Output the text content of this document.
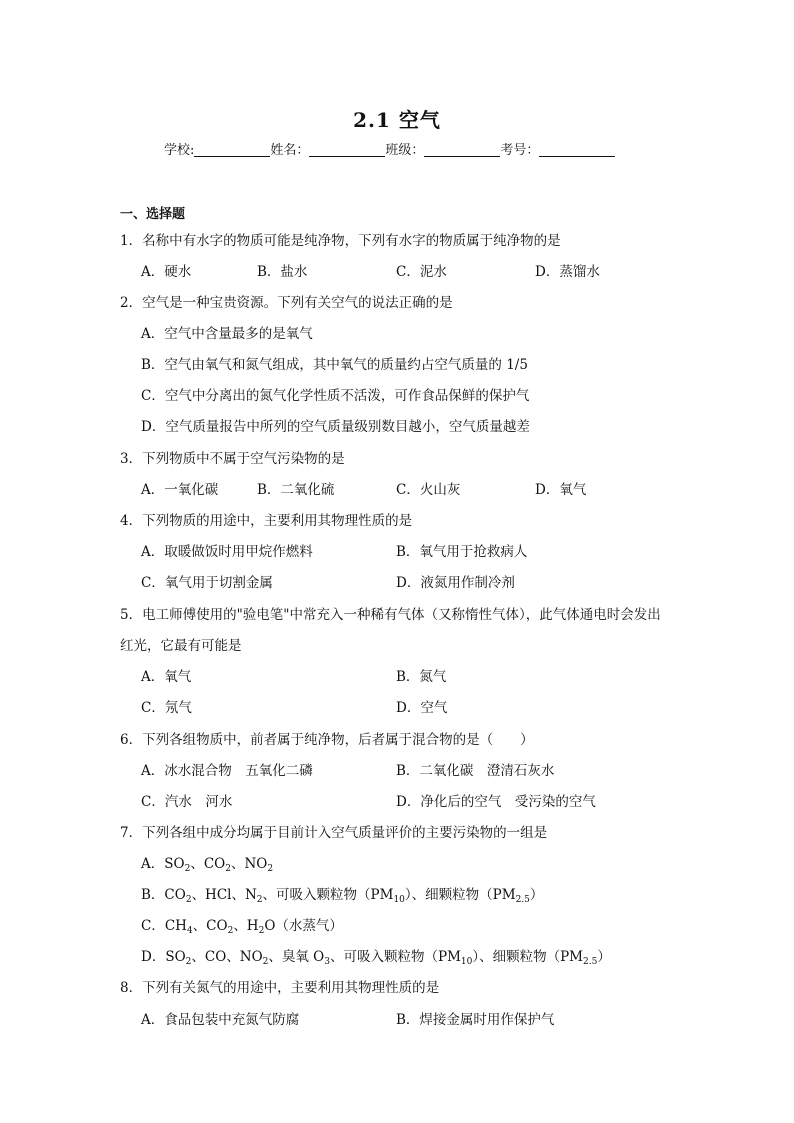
2.1 空气
学校:	姓名：	班级：	考号：
一、选择题
1．名称中有水字的物质可能是纯净物，下列有水字的物质属于纯净物的是
A．硬水	B．盐水	C．泥水	D．蒸馏水
2．空气是一种宝贵资源。下列有关空气的说法正确的是
A．空气中含量最多的是氧气
B．空气由氧气和氮气组成，其中氧气的质量约占空气质量的 1/5
C．空气中分离出的氮气化学性质不活泼，可作食品保鲜的保护气
D．空气质量报告中所列的空气质量级别数目越小，空气质量越差
3．下列物质中不属于空气污染物的是
A．一氧化碳	B．二氧化硫	C．火山灰	D．氧气
4．下列物质的用途中，主要利用其物理性质的是
A．取暖做饭时用甲烷作燃料	B．氧气用于抢救病人
C．氧气用于切割金属	D．液氮用作制冷剂
5．电工师傅使用的"验电笔"中常充入一种稀有气体（又称惰性气体），此气体通电时会发出
红光，它最有可能是
A．氧气	B．氮气
C．氖气	D．空气
6．下列各组物质中，前者属于纯净物，后者属于混合物的是（　　）
A．冰水混合物　五氧化二磷	B．二氧化碳　澄清石灰水
C．汽水　河水	D．净化后的空气　受污染的空气
7．下列各组中成分均属于目前计入空气质量评价的主要污染物的一组是
A．$SO_2$、$CO_2$、$NO_2$
B．$CO_2$、HCl、$N_2$、可吸入颗粒物$(PM_{10})$、细颗粒物$(PM_{2.5})$
C．$CH_4$、$CO_2$、$H_2O$（水蒸气）
D．$SO_2$、CO、$NO_2$、臭氧 $O_3$、可吸入颗粒物$(PM_{10})$、细颗粒物$(PM_{2.5})$
8．下列有关氮气的用途中，主要利用其物理性质的是
A．食品包装中充氮气防腐	B．焊接金属时用作保护气
